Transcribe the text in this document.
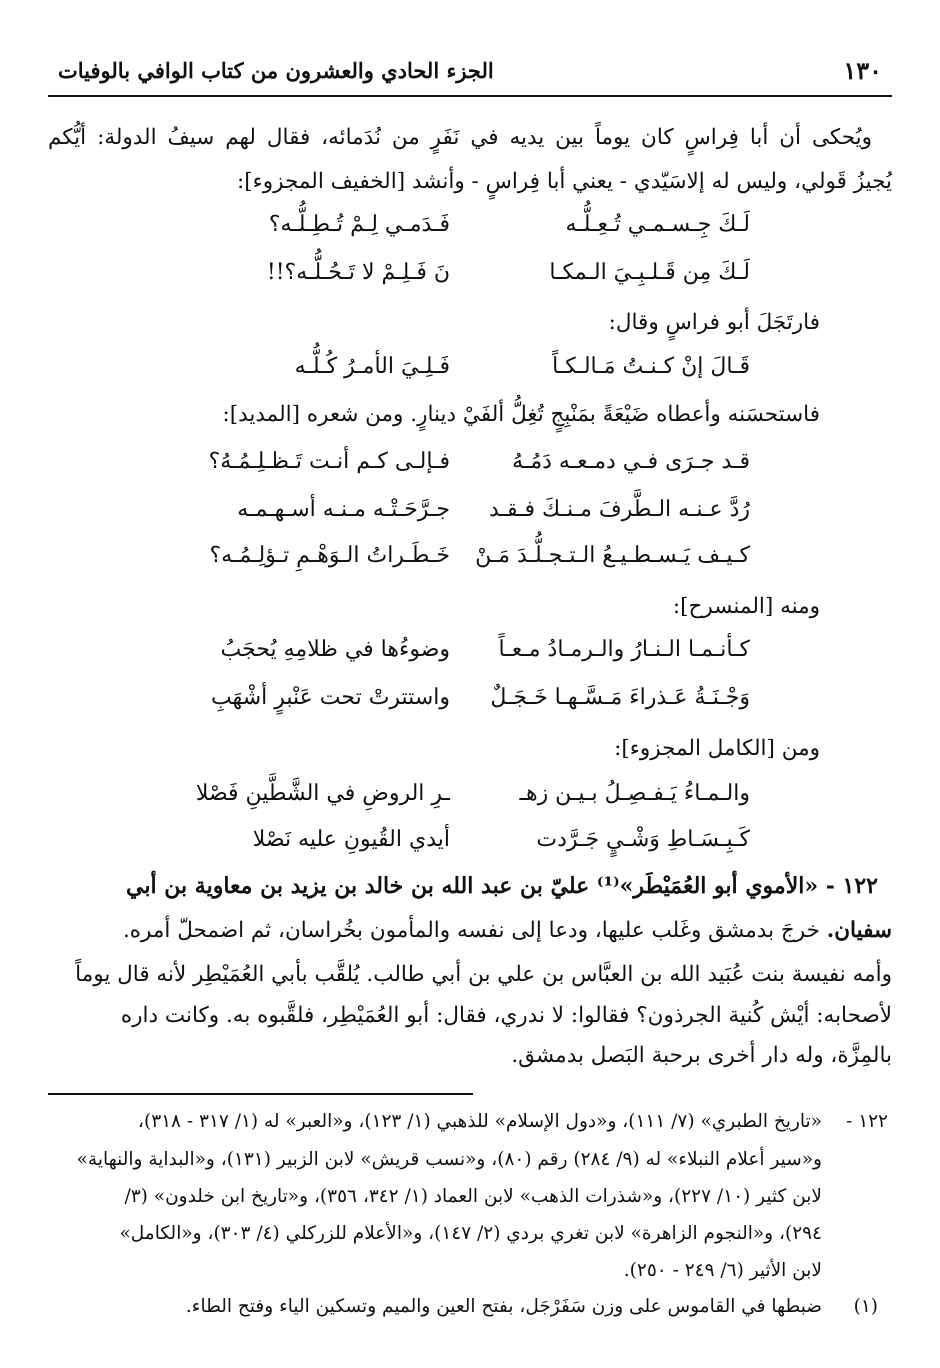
١٣٠
الجزء الحادي والعشرون من كتاب الوافي بالوفيات
ويُحكى أن أبا فِراسٍ كان يوماً بين يديه في نَفَرٍ من نُدَمائه، فقال لهم سيفُ الدولة: أيُّكم
يُجيزُ قَولي، وليس له إلاسَيّدي - يعني أبا فِراسٍ - وأنشد [الخفيف المجزوء]:
لَـكَ جِـسـمـي تُـعِـلُّـه
فَـدَمـي لِـمْ تُـطِـلُّـه؟
لَـكَ مِن قَـلـبِـيَ الـمكـا
نَ فَـلِـمْ لا تَـحُـلُّـه؟!!
فارتَجَلَ أبو فراسٍ وقال:
قَـالَ إنْ كـنـتُ مَـالـكـاً
فَـلِـيَ الأمـرُ كُـلُّـه
فاستحسَنه وأعطاه ضَيْعَةً بمَنْبِجٍ تُغِلُّ ألفَيْ دينارٍ. ومن شعره [المديد]:
قـد جـرَى فـي دمـعـه دَمُـهُ
فـإلـى كـم أنـت تَـظـلِـمُـهُ؟
رُدَّ عـنـه الـطَّرفَ مـنـكَ فـقـد
جـرَّحَـتْـه مـنـه أسـهـمـه
كـيـف يَـسـطـيـعُ الـتـجـلُّـدَ مَـنْ
خَـطَـراتُ الـوَهْـمِ تـؤلِـمُـه؟
ومنه [المنسرح]:
كـأنـمـا الـنـارُ والـرمـادُ مـعـاً
وضوءُها في ظلامِهِ يُحجَبُ
وَجْـنَـةُ عَـذراءَ مَـسَّـهـا خَـجَـلٌ
واستترتْ تحت عَنْبرٍ أشْهَبِ
ومن [الكامل المجزوء]:
والـمـاءُ يَـفـصِـلُ بـيـن زهـ
ـرِ الروضِ في الشَّطَّينِ فَصْلا
كَـبِـسَـاطِ وَشْـيٍ جَـرَّدت
أيدي القُيونِ عليه نَصْلا
١٢٢ - «الأموي أبو العُمَيْطَر»⁽¹⁾ عليّ بن عبد الله بن خالد بن يزيد بن معاوية بن أبي
سفيان. خرجَ بدمشق وغَلب عليها، ودعا إلى نفسه والمأمون بخُراسان، ثم اضمحلّ أمره.
وأمه نفيسة بنت عُبَيد الله بن العبَّاس بن علي بن أبي طالب. يُلقَّب بأبي العُمَيْطِر لأنه قال يوماً
لأصحابه: أيْش كُنية الجرذون؟ فقالوا: لا ندري، فقال: أبو العُمَيْطِر، فلقَّبوه به. وكانت داره
بالمِزَّة، وله دار أخرى برحبة البَصل بدمشق.
١٢٢ -
«تاريخ الطبري» (٧/ ١١١)، و«دول الإسلام» للذهبي (١/ ١٢٣)، و«العبر» له (١/ ٣١٧ - ٣١٨)،
و«سير أعلام النبلاء» له (٩/ ٢٨٤) رقم (٨٠)، و«نسب قريش» لابن الزبير (١٣١)، و«البداية والنهاية»
لابن كثير (١٠/ ٢٢٧)، و«شذرات الذهب» لابن العماد (١/ ٣٤٢، ٣٥٦)، و«تاريخ ابن خلدون» (٣/
٢٩٤)، و«النجوم الزاهرة» لابن تغري بردي (٢/ ١٤٧)، و«الأعلام للزركلي (٤/ ٣٠٣)، و«الكامل»
لابن الأثير (٦/ ٢٤٩ - ٢٥٠).
(١)
ضبطها في القاموس على وزن سَفَرْجَل، بفتح العين والميم وتسكين الياء وفتح الطاء.
